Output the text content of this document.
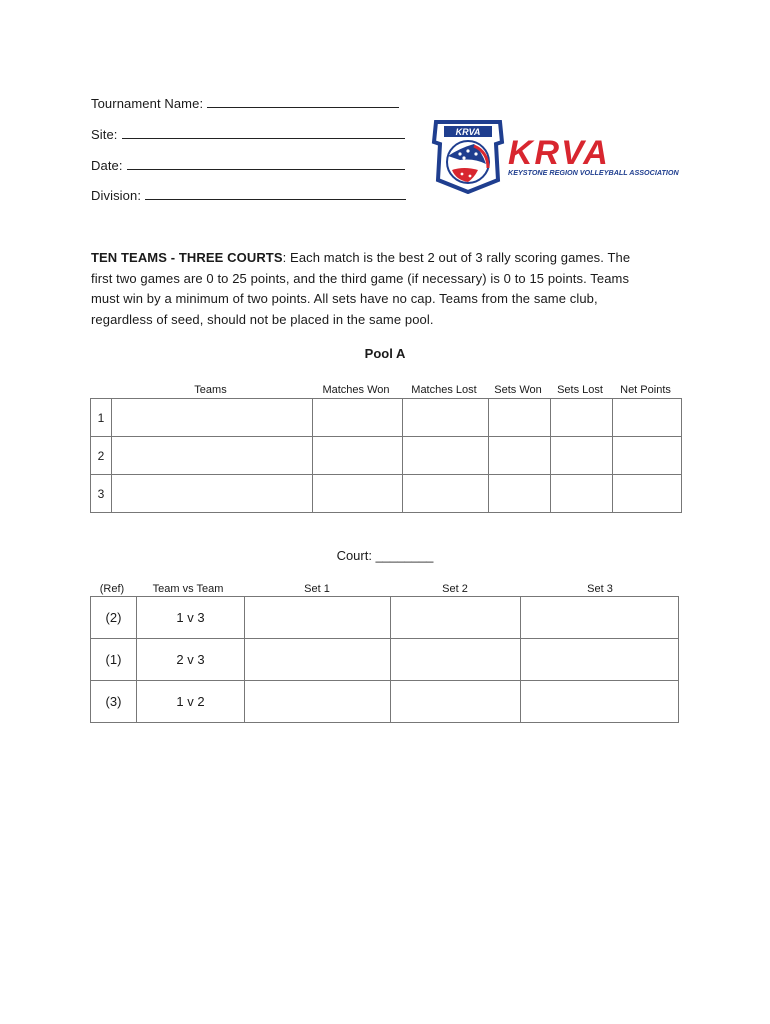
Tournament Name:
Site:
Date:
Division:
KRVA
KRVA
KEYSTONE REGION VOLLEYBALL ASSOCIATION
TEN TEAMS - THREE COURTS: Each match is the best 2 out of 3 rally scoring games. The first two games are 0 to 25 points, and the third game (if necessary) is 0 to 15 points. Teams must win by a minimum of two points. All sets have no cap. Teams from the same club, regardless of seed, should not be placed in the same pool.
Pool A
Teams	Matches Won	Matches Lost	Sets Won	Sets Lost	Net Points
1						
2						
3						
Court: ________
(Ref)	Team vs Team	Set 1	Set 2	Set 3
(2)	1 v 3			
(1)	2 v 3			
(3)	1 v 2			
